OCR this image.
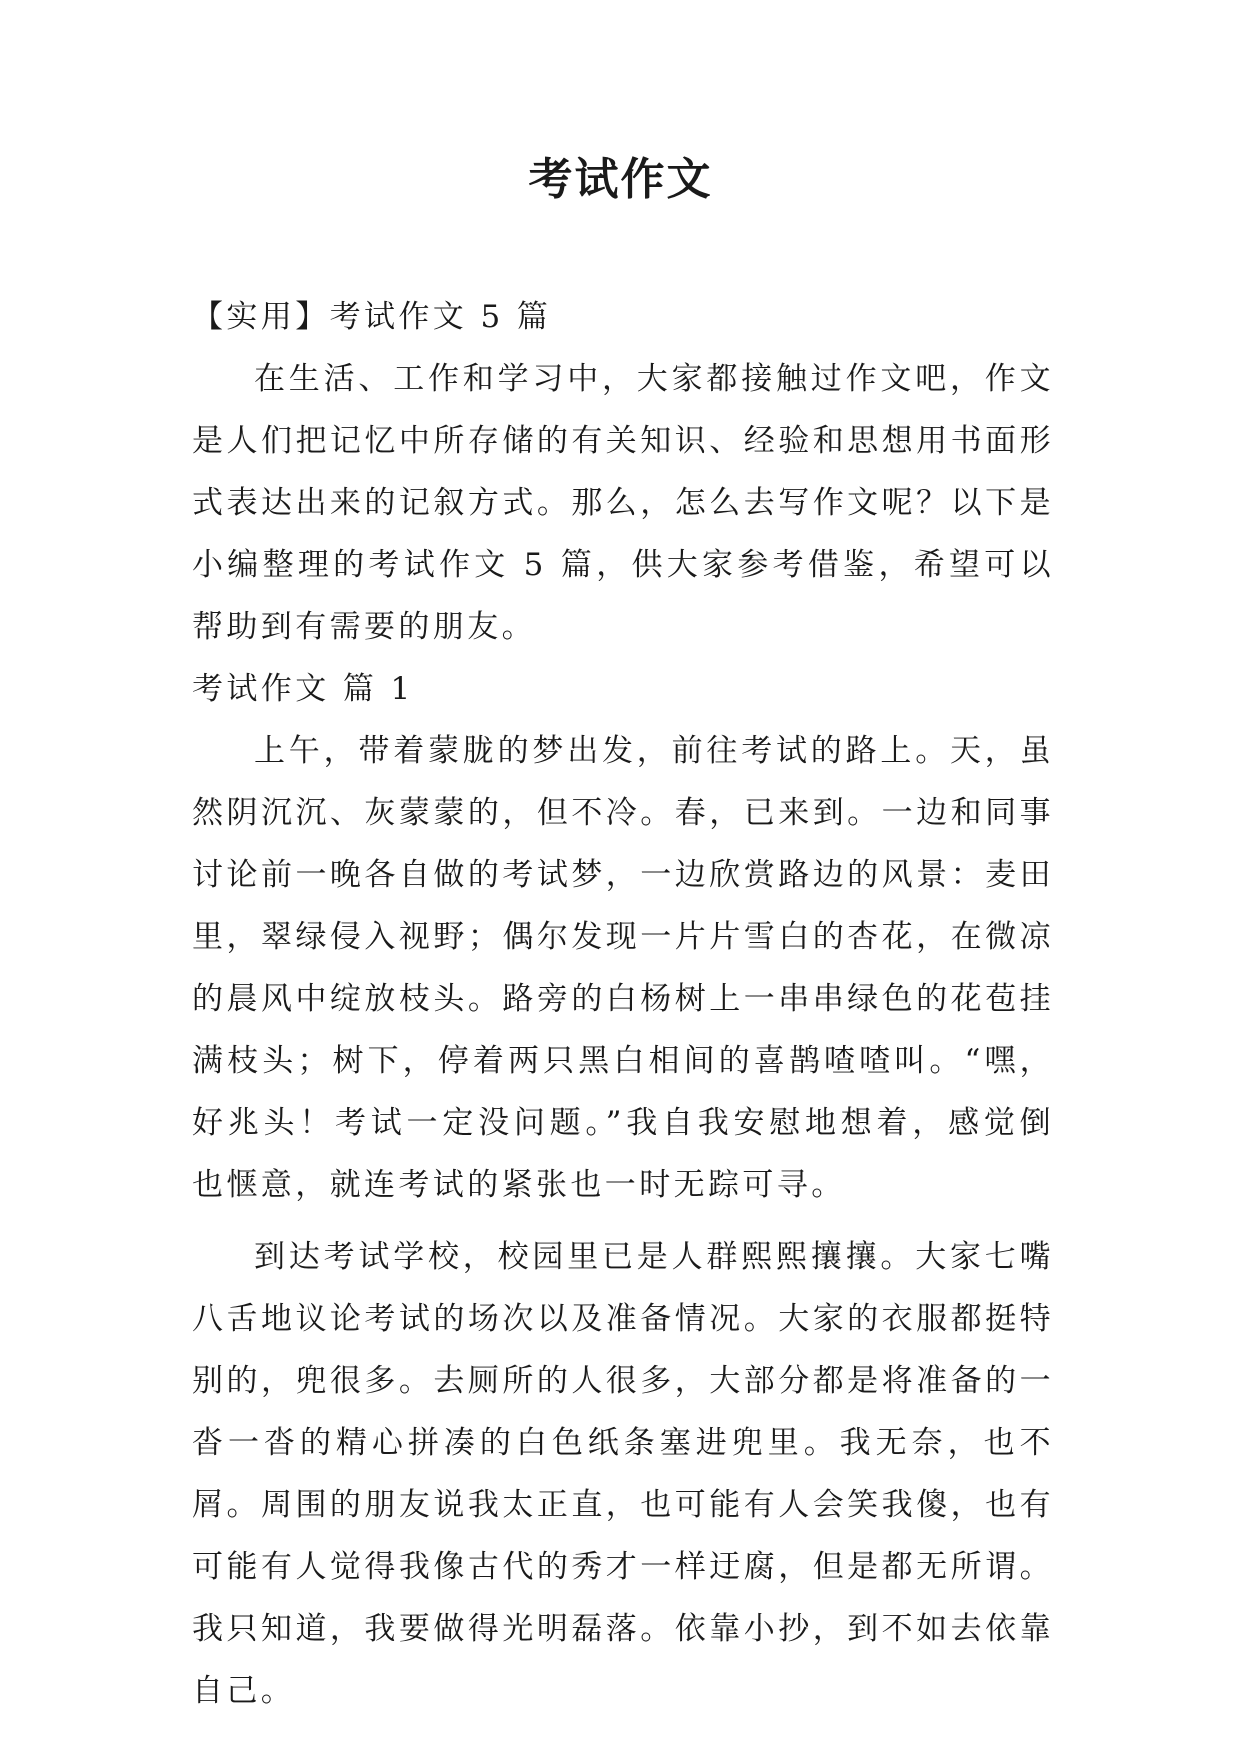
考试作文

【实用】考试作文 5 篇

在生活、工作和学习中，大家都接触过作文吧，作文是人们把记忆中所存储的有关知识、经验和思想用书面形式表达出来的记叙方式。那么，怎么去写作文呢？以下是小编整理的考试作文 5 篇，供大家参考借鉴，希望可以帮助到有需要的朋友。

考试作文 篇 1

上午，带着蒙胧的梦出发，前往考试的路上。天，虽然阴沉沉、灰蒙蒙的，但不冷。春，已来到。一边和同事讨论前一晚各自做的考试梦，一边欣赏路边的风景：麦田里，翠绿侵入视野；偶尔发现一片片雪白的杏花，在微凉的晨风中绽放枝头。路旁的白杨树上一串串绿色的花苞挂满枝头；树下，停着两只黑白相间的喜鹊喳喳叫。“嘿，好兆头！考试一定没问题。”我自我安慰地想着，感觉倒也惬意，就连考试的紧张也一时无踪可寻。

到达考试学校，校园里已是人群熙熙攘攘。大家七嘴八舌地议论考试的场次以及准备情况。大家的衣服都挺特别的，兜很多。去厕所的人很多，大部分都是将准备的一沓一沓的精心拼凑的白色纸条塞进兜里。我无奈，也不屑。周围的朋友说我太正直，也可能有人会笑我傻，也有可能有人觉得我像古代的秀才一样迂腐，但是都无所谓。我只知道，我要做得光明磊落。依靠小抄，到不如去依靠自己。
